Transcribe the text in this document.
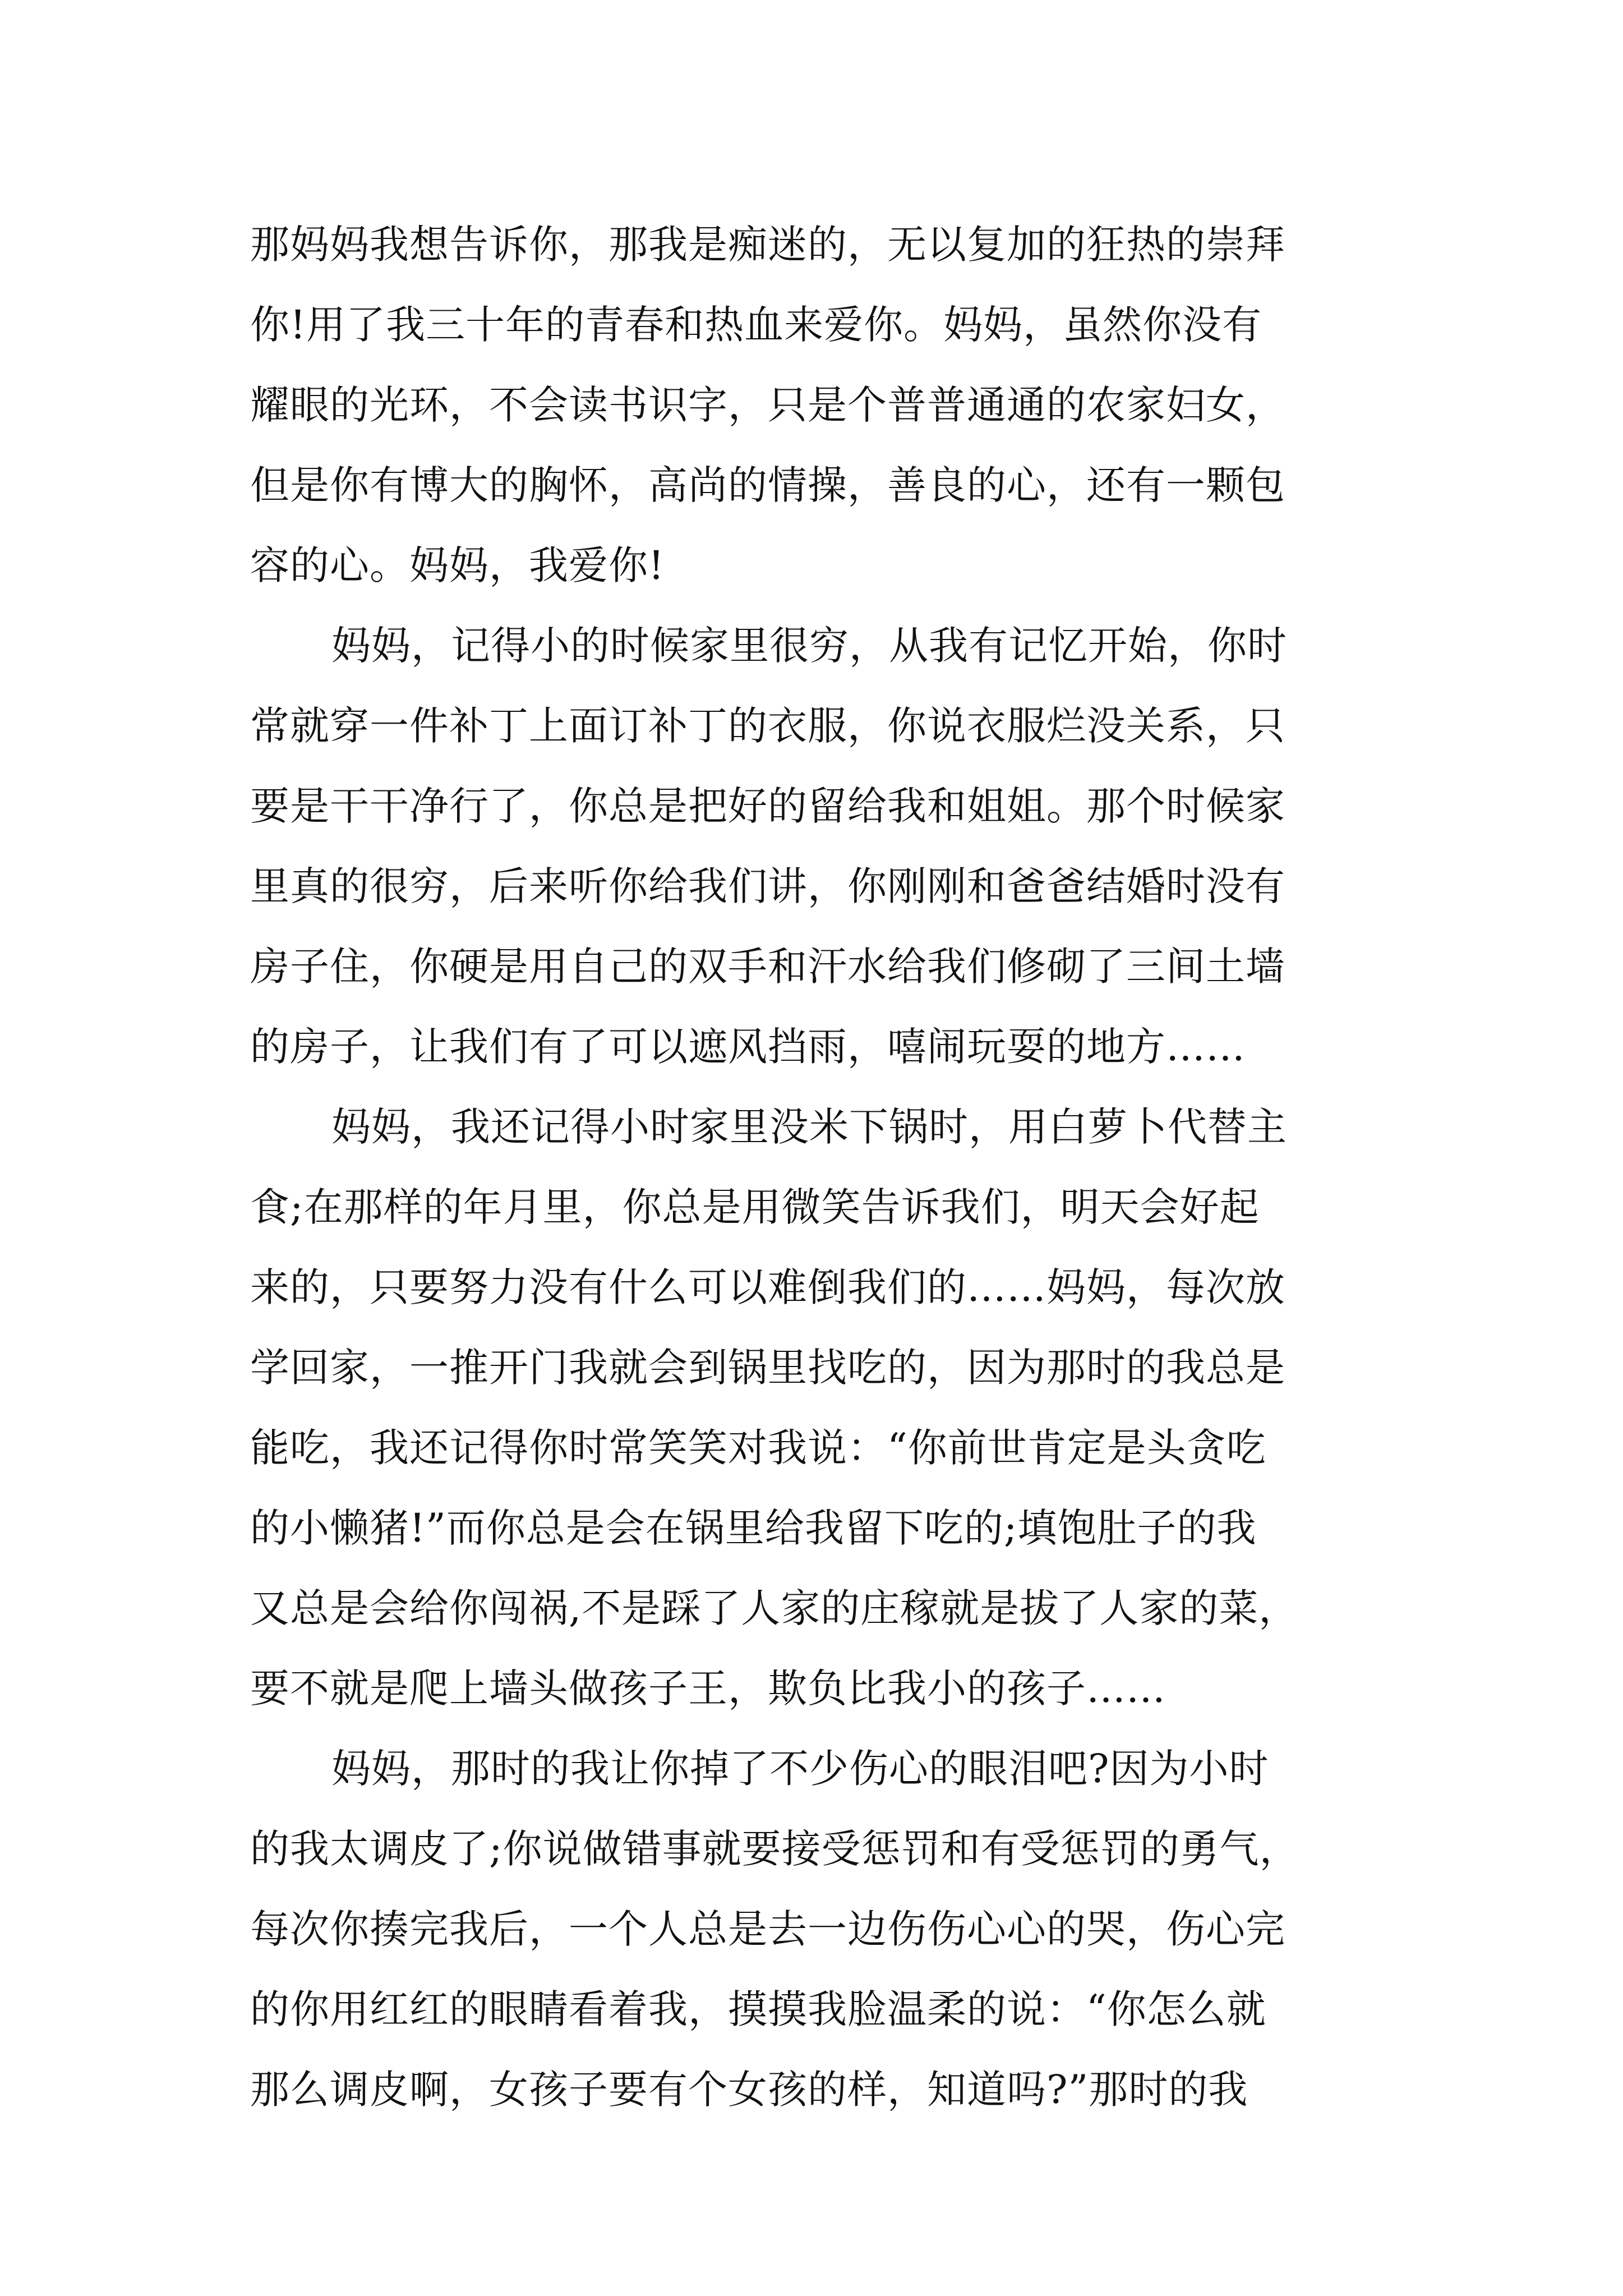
那妈妈我想告诉你，那我是痴迷的，无以复加的狂热的崇拜
你!用了我三十年的青春和热血来爱你。妈妈，虽然你没有
耀眼的光环，不会读书识字，只是个普普通通的农家妇女，
但是你有博大的胸怀，高尚的情操，善良的心，还有一颗包
容的心。妈妈，我爱你!
妈妈，记得小的时候家里很穷，从我有记忆开始，你时
常就穿一件补丁上面订补丁的衣服，你说衣服烂没关系，只
要是干干净行了，你总是把好的留给我和姐姐。那个时候家
里真的很穷，后来听你给我们讲，你刚刚和爸爸结婚时没有
房子住，你硬是用自己的双手和汗水给我们修砌了三间土墙
的房子，让我们有了可以遮风挡雨，嘻闹玩耍的地方……
妈妈，我还记得小时家里没米下锅时，用白萝卜代替主
食;在那样的年月里，你总是用微笑告诉我们，明天会好起
来的，只要努力没有什么可以难倒我们的……妈妈，每次放
学回家，一推开门我就会到锅里找吃的，因为那时的我总是
能吃，我还记得你时常笑笑对我说：“你前世肯定是头贪吃
的小懒猪!”而你总是会在锅里给我留下吃的;填饱肚子的我
又总是会给你闯祸,不是踩了人家的庄稼就是拔了人家的菜，
要不就是爬上墙头做孩子王，欺负比我小的孩子……
妈妈，那时的我让你掉了不少伤心的眼泪吧?因为小时
的我太调皮了;你说做错事就要接受惩罚和有受惩罚的勇气，
每次你揍完我后，一个人总是去一边伤伤心心的哭，伤心完
的你用红红的眼睛看着我，摸摸我脸温柔的说：“你怎么就
那么调皮啊，女孩子要有个女孩的样，知道吗?”那时的我
